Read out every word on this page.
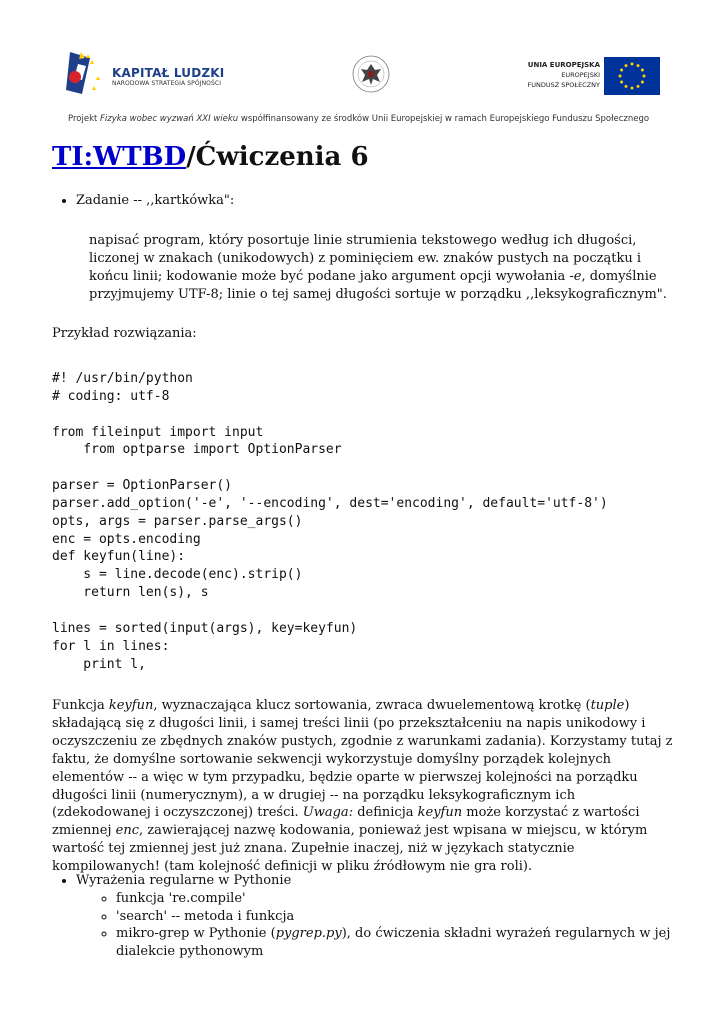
KAPITAŁ LUDZKI
NARODOWA STRATEGIA SPÓJNOŚCI
UNIA EUROPEJSKA
EUROPEJSKI
FUNDUSZ SPOŁECZNY
Projekt Fizyka wobec wyzwań XXI wieku współfinansowany ze środków Unii Europejskiej w ramach Europejskiego Funduszu Społecznego
TI:WTBD/Ćwiczenia 6
• Zadanie -- ,,kartkówka":
napisać program, który posortuje linie strumienia tekstowego według ich długości, liczonej w znakach (unikodowych) z pominięciem ew. znaków pustych na początku i końcu linii; kodowanie może być podane jako argument opcji wywołania -e, domyślnie przyjmujemy UTF-8; linie o tej samej długości sortuje w porządku ,,leksykograficznym".
Przykład rozwiązania:
#! /usr/bin/python
# coding: utf-8

from fileinput import input
from optparse import OptionParser

parser = OptionParser()
parser.add_option('-e', '--encoding', dest='encoding', default='utf-8')
opts, args = parser.parse_args()
enc = opts.encoding
def keyfun(line):
s = line.decode(enc).strip()
return len(s), s

lines = sorted(input(args), key=keyfun)
for l in lines:
print l,
Funkcja keyfun, wyznaczająca klucz sortowania, zwraca dwuelementową krotkę (tuple) składającą się z długości linii, i samej treści linii (po przekształceniu na napis unikodowy i oczyszczeniu ze zbędnych znaków pustych, zgodnie z warunkami zadania). Korzystamy tutaj z faktu, że domyślne sortowanie sekwencji wykorzystuje domyślny porządek kolejnych elementów -- a więc w tym przypadku, będzie oparte w pierwszej kolejności na porządku długości linii (numerycznym), a w drugiej -- na porządku leksykograficznym ich (zdekodowanej i oczyszczonej) treści. Uwaga: definicja keyfun może korzystać z wartości zmiennej enc, zawierającej nazwę kodowania, ponieważ jest wpisana w miejscu, w którym wartość tej zmiennej jest już znana. Zupełnie inaczej, niż w językach statycznie kompilowanych! (tam kolejność definicji w pliku źródłowym nie gra roli).
• Wyrażenia regularne w Pythonie
◦ funkcja 're.compile'
◦ 'search' -- metoda i funkcja
◦ mikro-grep w Pythonie (pygrep.py), do ćwiczenia składni wyrażeń regularnych w jej dialekcie pythonowym
